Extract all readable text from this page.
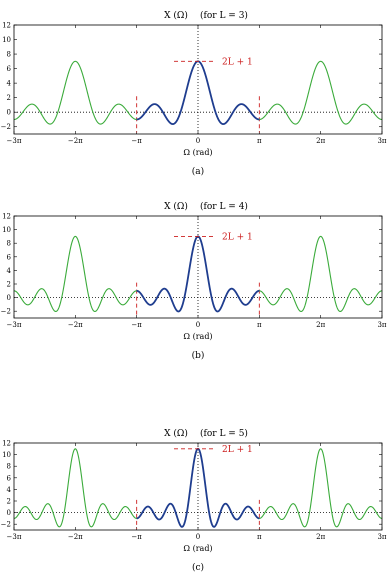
X (Ω) (for L = 3)
−2
0
2
4
6
8
10
12
−3π	−2π	−π	0	π	2π	3π
2L + 1
Ω (rad)
(a)
X (Ω) (for L = 4)
−2
0
2
4
6
8
10
12
−3π	−2π	−π	0	π	2π	3π
2L + 1
Ω (rad)
(b)
X (Ω) (for L = 5)
−2
0
2
4
6
8
10
12
−3π	−2π	−π	0	π	2π	3π
2L + 1
Ω (rad)
(c)
